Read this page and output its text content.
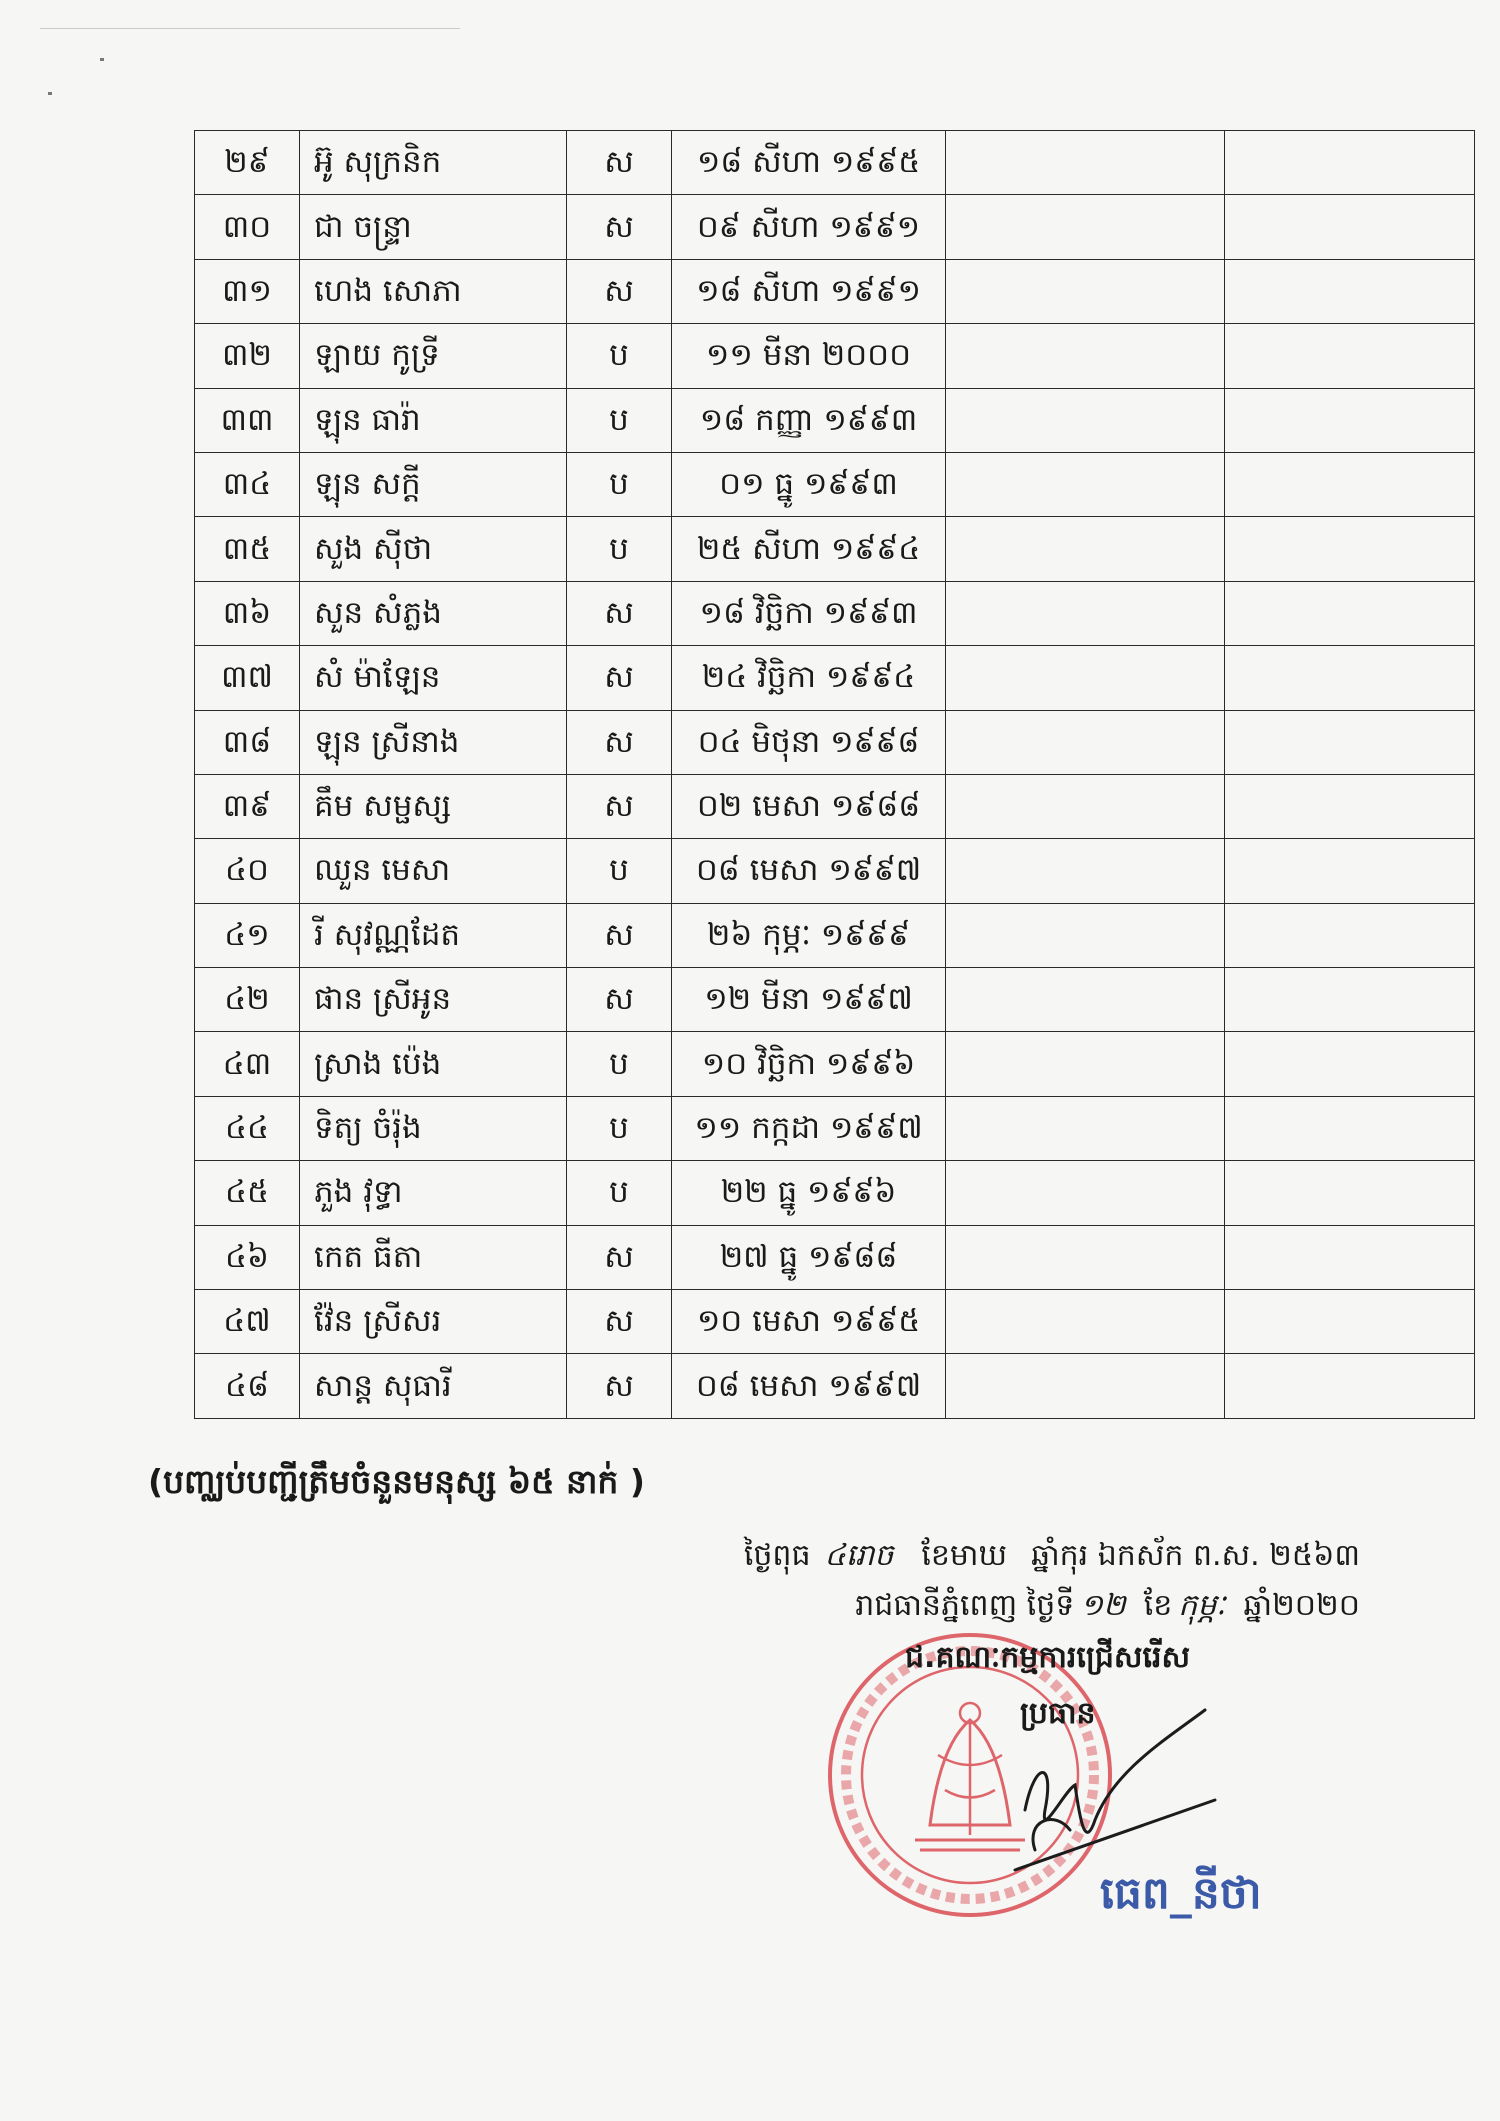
២៩	អ៊ូ សុក្រនិក	ស	១៨ សីហា ១៩៩៥		
៣០	ជា ចន្ទ្រា	ស	០៩ សីហា ១៩៩១		
៣១	ហេង សោភា	ស	១៨ សីហា ១៩៩១		
៣២	ឡាយ កូទ្រី	ប	១១ មីនា ២០០០		
៣៣	ឡុន ធារ៉ា	ប	១៨ កញ្ញា ១៩៩៣		
៣៤	ឡុន សក្តី	ប	០១ ធ្នូ ១៩៩៣		
៣៥	សួង ស៊ីថា	ប	២៥ សីហា ១៩៩៤		
៣៦	សួន សំភ្លង	ស	១៨ វិច្ឆិកា ១៩៩៣		
៣៧	សំ ម៉ាឡែន	ស	២៤ វិច្ឆិកា ១៩៩៤		
៣៨	ឡុន ស្រីនាង	ស	០៤ មិថុនា ១៩៩៨		
៣៩	គឹម សម្ផស្ស	ស	០២ មេសា ១៩៨៨		
៤០	ឈួន មេសា	ប	០៨ មេសា ១៩៩៧		
៤១	រី សុវណ្ណដែត	ស	២៦ កុម្ភៈ ១៩៩៩		
៤២	ផាន ស្រីអូន	ស	១២ មីនា ១៩៩៧		
៤៣	ស្រាង ប៉េង	ប	១០ វិច្ឆិកា ១៩៩៦		
៤៤	ទិត្យ ចំរ៉ុង	ប	១១ កក្កដា ១៩៩៧		
៤៥	ភួង វុទ្ធា	ប	២២ ធ្នូ ១៩៩៦		
៤៦	កេត ធីតា	ស	២៧ ធ្នូ ១៩៨៨		
៤៧	វ៉ែន ស្រីសរ	ស	១០ មេសា ១៩៩៥		
៤៨	សាន្ត សុធារី	ស	០៨ មេសា ១៩៩៧		
(បញ្ឈប់បញ្ជីត្រឹមចំនួនមនុស្ស ៦៥ នាក់ )
ថ្ងៃពុធ ៤រោច ខែមាឃ ឆ្នាំកុរ ឯកស័ក ព.ស. ២៥៦៣
រាជធានីភ្នំពេញ ថ្ងៃទី ១២ ខែ កុម្ភៈ ឆ្នាំ២០២០
ជ.គណៈកម្មការជ្រើសរើស
ប្រធាន
ធេព_នីថា
